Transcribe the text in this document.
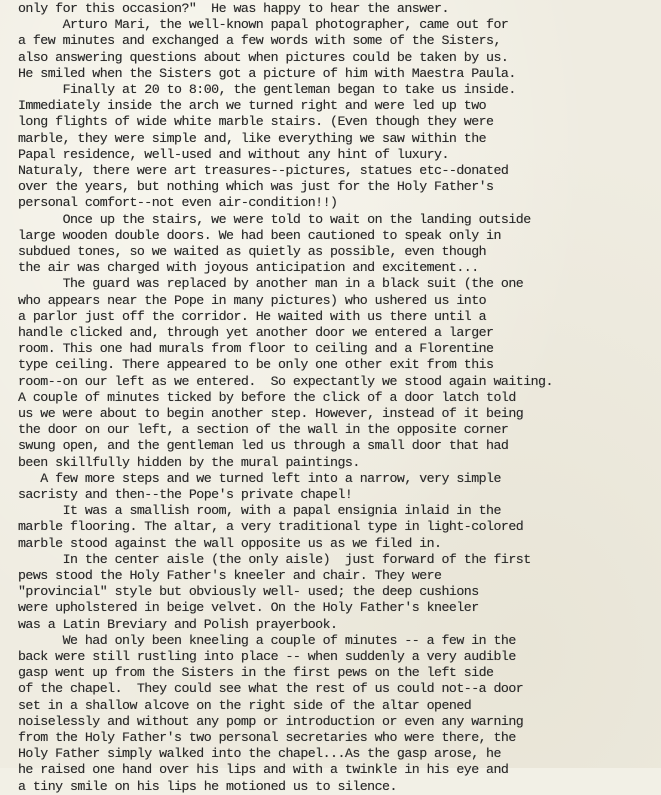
only for this occasion?"  He was happy to hear the answer.
Arturo Mari, the well-known papal photographer, came out for
a few minutes and exchanged a few words with some of the Sisters,
also answering questions about when pictures could be taken by us.
He smiled when the Sisters got a picture of him with Maestra Paula.
Finally at 20 to 8:00, the gentleman began to take us inside.
Immediately inside the arch we turned right and were led up two
long flights of wide white marble stairs. (Even though they were
marble, they were simple and, like everything we saw within the
Papal residence, well-used and without any hint of luxury.
Naturaly, there were art treasures--pictures, statues etc--donated
over the years, but nothing which was just for the Holy Father's
personal comfort--not even air-condition!!)
Once up the stairs, we were told to wait on the landing outside
large wooden double doors. We had been cautioned to speak only in
subdued tones, so we waited as quietly as possible, even though
the air was charged with joyous anticipation and excitement...
The guard was replaced by another man in a black suit (the one
who appears near the Pope in many pictures) who ushered us into
a parlor just off the corridor. He waited with us there until a
handle clicked and, through yet another door we entered a larger
room. This one had murals from floor to ceiling and a Florentine
type ceiling. There appeared to be only one other exit from this
room--on our left as we entered.  So expectantly we stood again waiting.
A couple of minutes ticked by before the click of a door latch told
us we were about to begin another step. However, instead of it being
the door on our left, a section of the wall in the opposite corner
swung open, and the gentleman led us through a small door that had
been skillfully hidden by the mural paintings.
A few more steps and we turned left into a narrow, very simple
sacristy and then--the Pope's private chapel!
It was a smallish room, with a papal ensignia inlaid in the
marble flooring. The altar, a very traditional type in light-colored
marble stood against the wall opposite us as we filed in.
In the center aisle (the only aisle)  just forward of the first
pews stood the Holy Father's kneeler and chair. They were
"provincial" style but obviously well- used; the deep cushions
were upholstered in beige velvet. On the Holy Father's kneeler
was a Latin Breviary and Polish prayerbook.
We had only been kneeling a couple of minutes -- a few in the
back were still rustling into place -- when suddenly a very audible
gasp went up from the Sisters in the first pews on the left side
of the chapel.  They could see what the rest of us could not--a door
set in a shallow alcove on the right side of the altar opened
noiselessly and without any pomp or introduction or even any warning
from the Holy Father's two personal secretaries who were there, the
Holy Father simply walked into the chapel...As the gasp arose, he
he raised one hand over his lips and with a twinkle in his eye and
a tiny smile on his lips he motioned us to silence.
